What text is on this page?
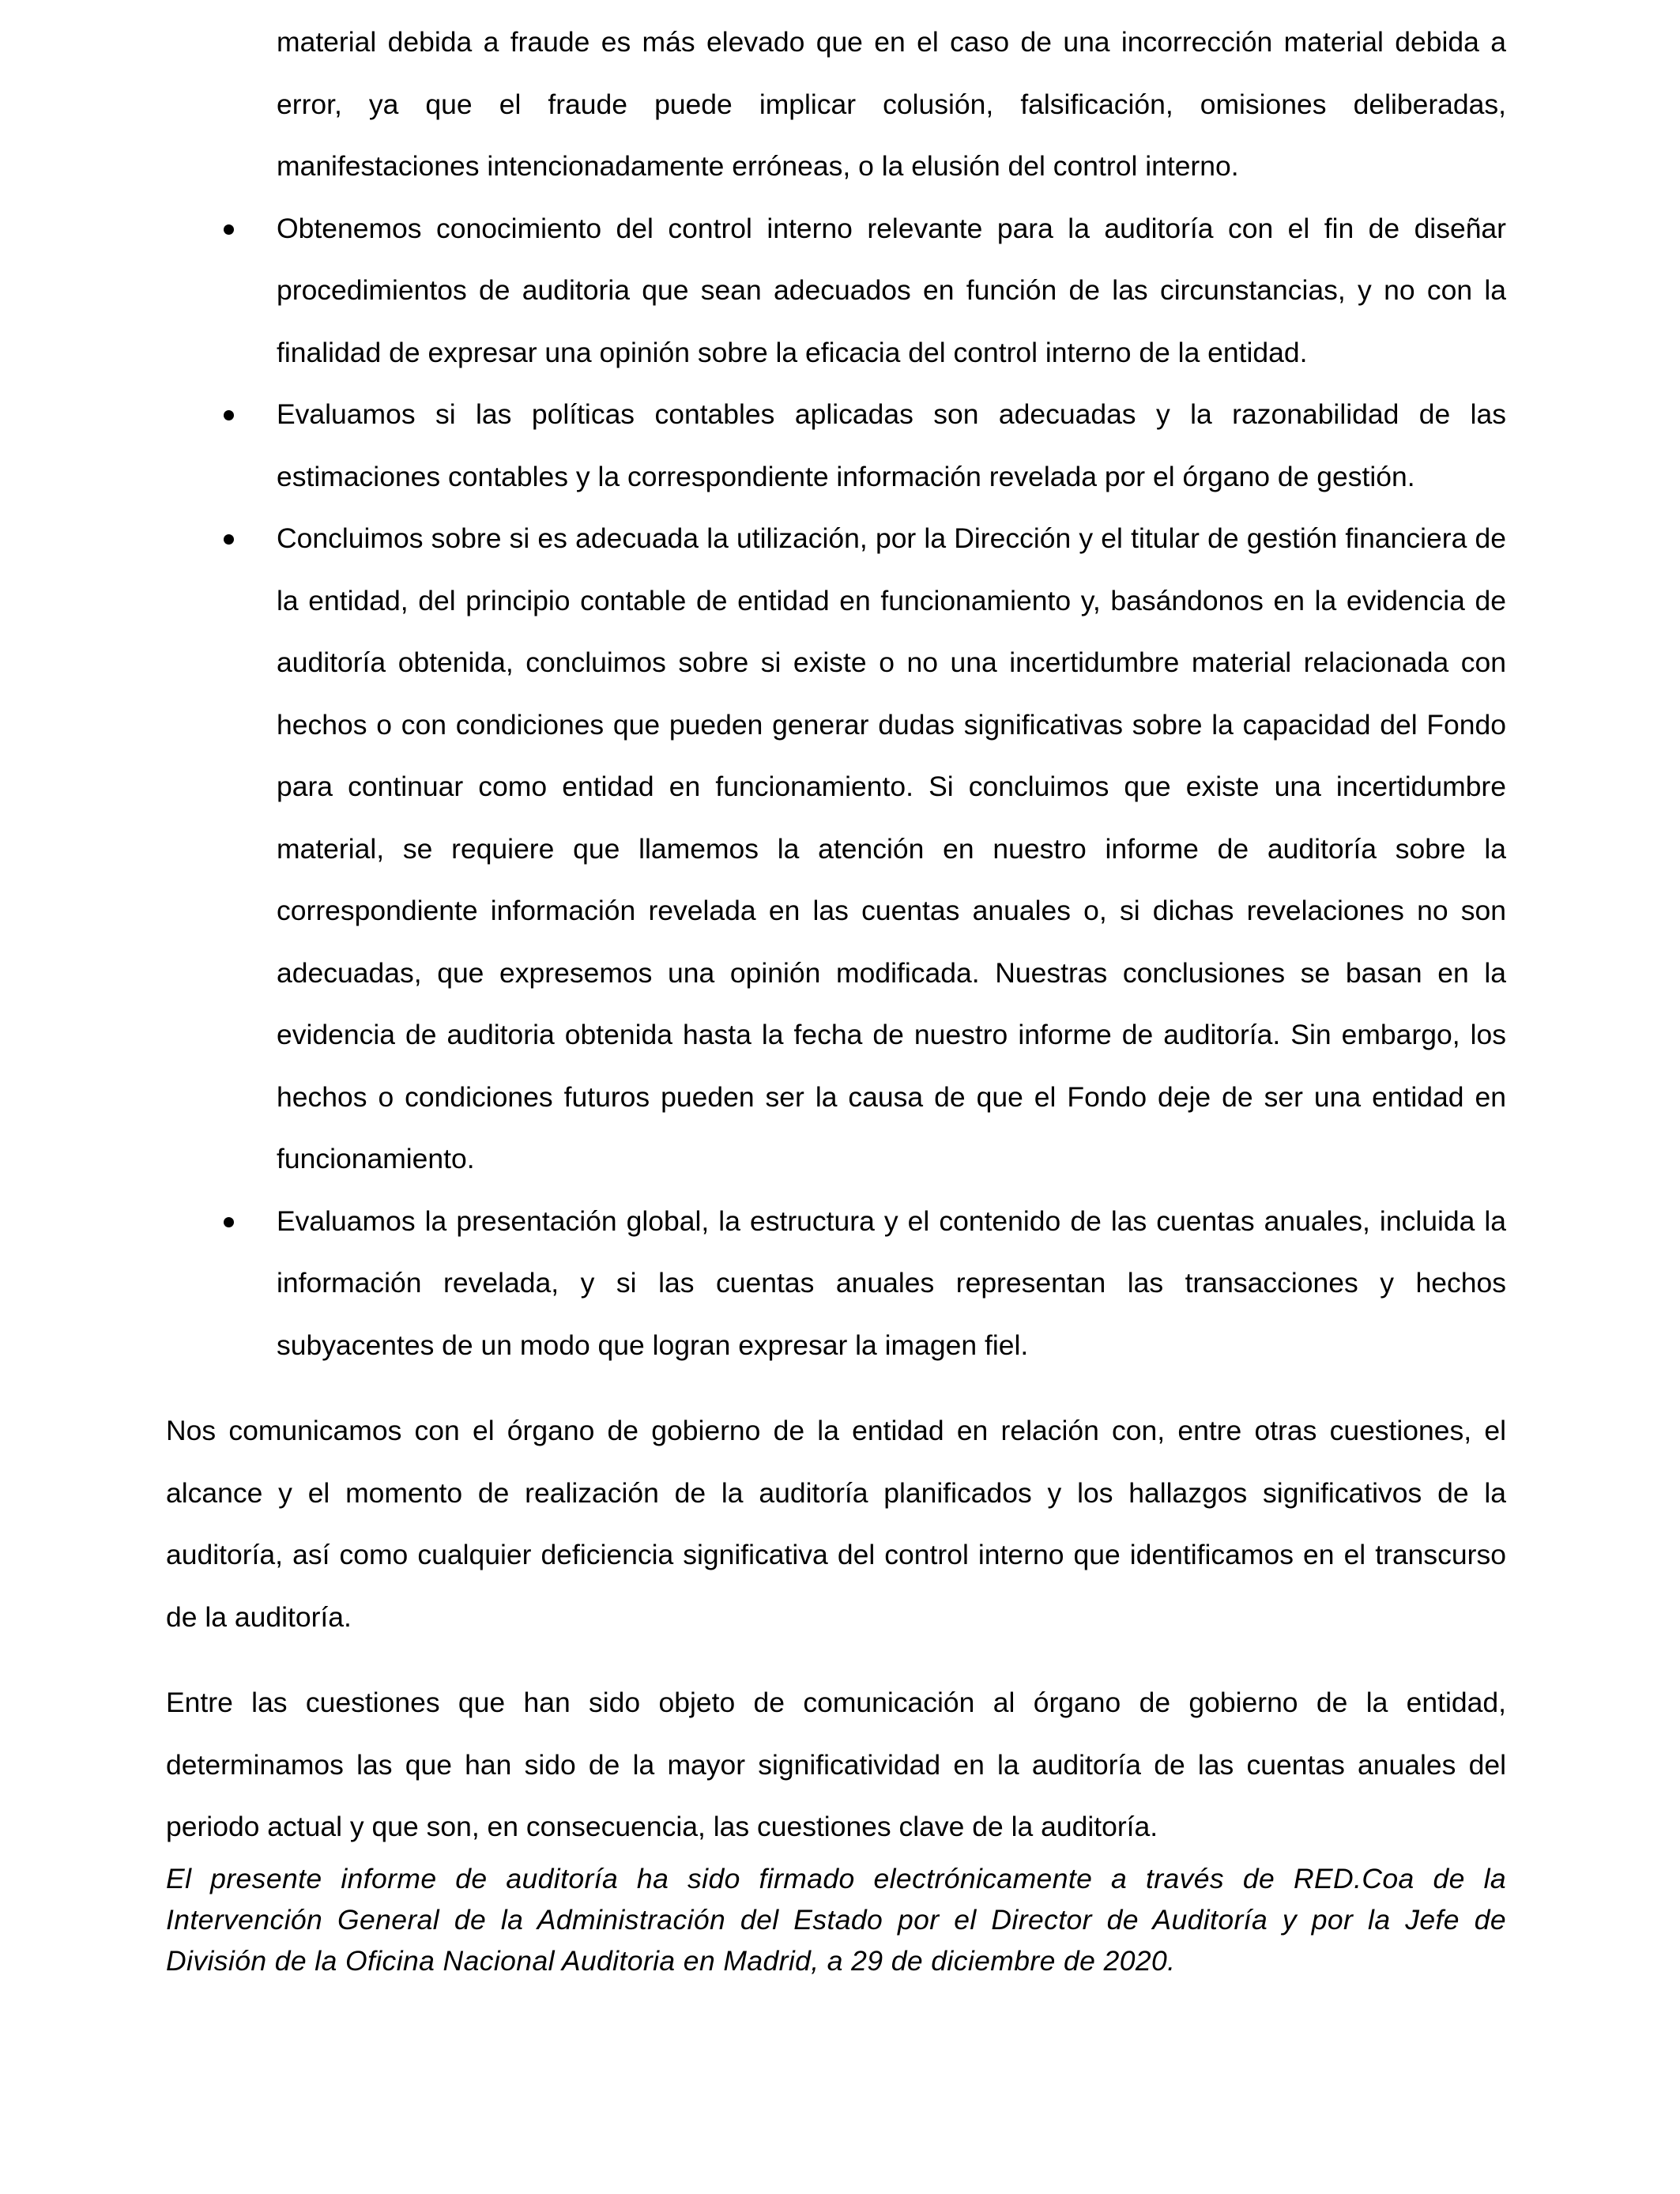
material debida a fraude es más elevado que en el caso de una incorrección material debida a error, ya que el fraude puede implicar colusión, falsificación, omisiones deliberadas, manifestaciones intencionadamente erróneas, o la elusión del control interno.
Obtenemos conocimiento del control interno relevante para la auditoría con el fin de diseñar procedimientos de auditoria que sean adecuados en función de las circunstancias, y no con la finalidad de expresar una opinión sobre la eficacia del control interno de la entidad.
Evaluamos si las políticas contables aplicadas son adecuadas y la razonabilidad de las estimaciones contables y la correspondiente información revelada por el órgano de gestión.
Concluimos sobre si es adecuada la utilización, por la Dirección y el titular de gestión financiera de la entidad, del principio contable de entidad en funcionamiento y, basándonos en la evidencia de auditoría obtenida, concluimos sobre si existe o no una incertidumbre material relacionada con hechos o con condiciones que pueden generar dudas significativas sobre la capacidad del Fondo para continuar como entidad en funcionamiento. Si concluimos que existe una incertidumbre material, se requiere que llamemos la atención en nuestro informe de auditoría sobre la correspondiente información revelada en las cuentas anuales o, si dichas revelaciones no son adecuadas, que expresemos una opinión modificada. Nuestras conclusiones se basan en la evidencia de auditoria obtenida hasta la fecha de nuestro informe de auditoría. Sin embargo, los hechos o condiciones futuros pueden ser la causa de que el Fondo deje de ser una entidad en funcionamiento.
Evaluamos la presentación global, la estructura y el contenido de las cuentas anuales, incluida la información revelada, y si las cuentas anuales representan las transacciones y hechos subyacentes de un modo que logran expresar la imagen fiel.

Nos comunicamos con el órgano de gobierno de la entidad en relación con, entre otras cuestiones, el alcance y el momento de realización de la auditoría planificados y los hallazgos significativos de la auditoría, así como cualquier deficiencia significativa del control interno que identificamos en el transcurso de la auditoría.

Entre las cuestiones que han sido objeto de comunicación al órgano de gobierno de la entidad, determinamos las que han sido de la mayor significatividad en la auditoría de las cuentas anuales del periodo actual y que son, en consecuencia, las cuestiones clave de la auditoría.

El presente informe de auditoría ha sido firmado electrónicamente a través de RED.Coa de la Intervención General de la Administración del Estado por el Director de Auditoría y por la Jefe de División de la Oficina Nacional Auditoria en Madrid, a 29 de diciembre de 2020.
